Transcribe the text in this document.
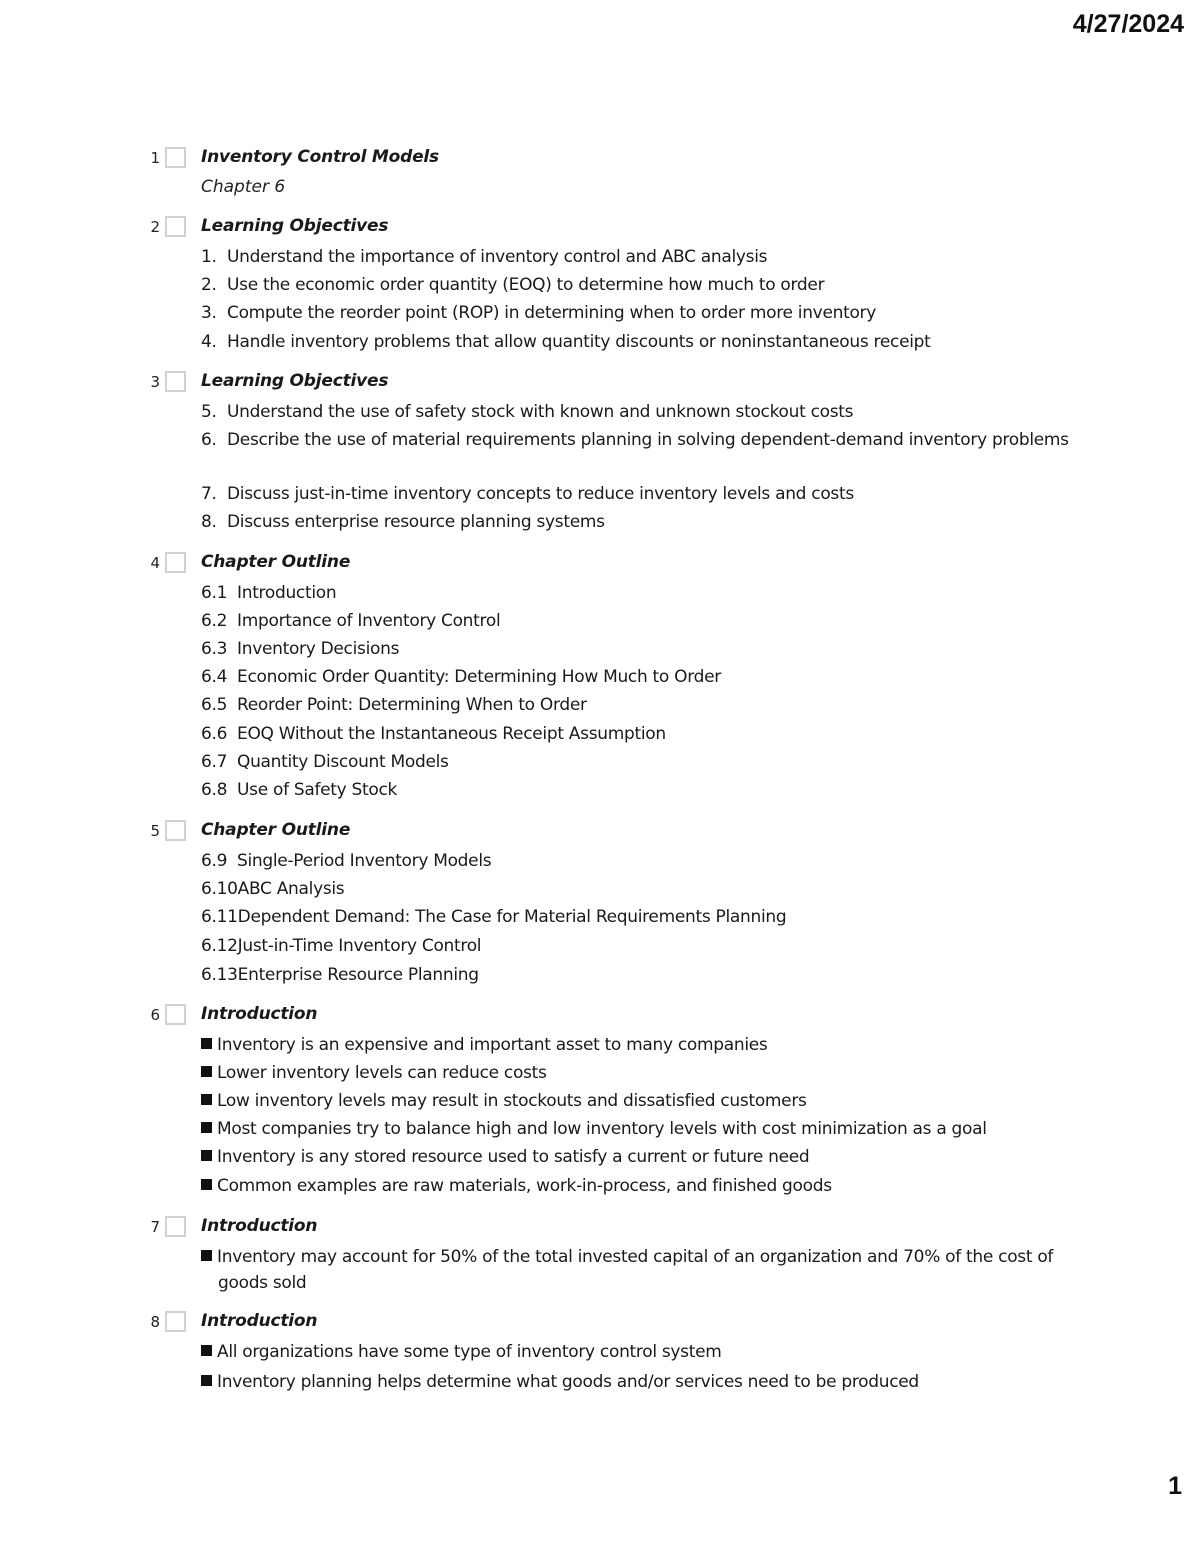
4/27/2024
1 Inventory Control Models
Chapter 6
2 Learning Objectives
1. Understand the importance of inventory control and ABC analysis
2. Use the economic order quantity (EOQ) to determine how much to order
3. Compute the reorder point (ROP) in determining when to order more inventory
4. Handle inventory problems that allow quantity discounts or noninstantaneous receipt
3 Learning Objectives
5. Understand the use of safety stock with known and unknown stockout costs
6. Describe the use of material requirements planning in solving dependent-demand inventory problems
7. Discuss just-in-time inventory concepts to reduce inventory levels and costs
8. Discuss enterprise resource planning systems
4 Chapter Outline
6.1 Introduction
6.2 Importance of Inventory Control
6.3 Inventory Decisions
6.4 Economic Order Quantity: Determining How Much to Order
6.5 Reorder Point: Determining When to Order
6.6 EOQ Without the Instantaneous Receipt Assumption
6.7 Quantity Discount Models
6.8 Use of Safety Stock
5 Chapter Outline
6.9 Single-Period Inventory Models
6.10ABC Analysis
6.11Dependent Demand: The Case for Material Requirements Planning
6.12Just-in-Time Inventory Control
6.13Enterprise Resource Planning
6 Introduction
Inventory is an expensive and important asset to many companies
Lower inventory levels can reduce costs
Low inventory levels may result in stockouts and dissatisfied customers
Most companies try to balance high and low inventory levels with cost minimization as a goal
Inventory is any stored resource used to satisfy a current or future need
Common examples are raw materials, work-in-process, and finished goods
7 Introduction
Inventory may account for 50% of the total invested capital of an organization and 70% of the cost of goods sold
8 Introduction
All organizations have some type of inventory control system
Inventory planning helps determine what goods and/or services need to be produced
1
